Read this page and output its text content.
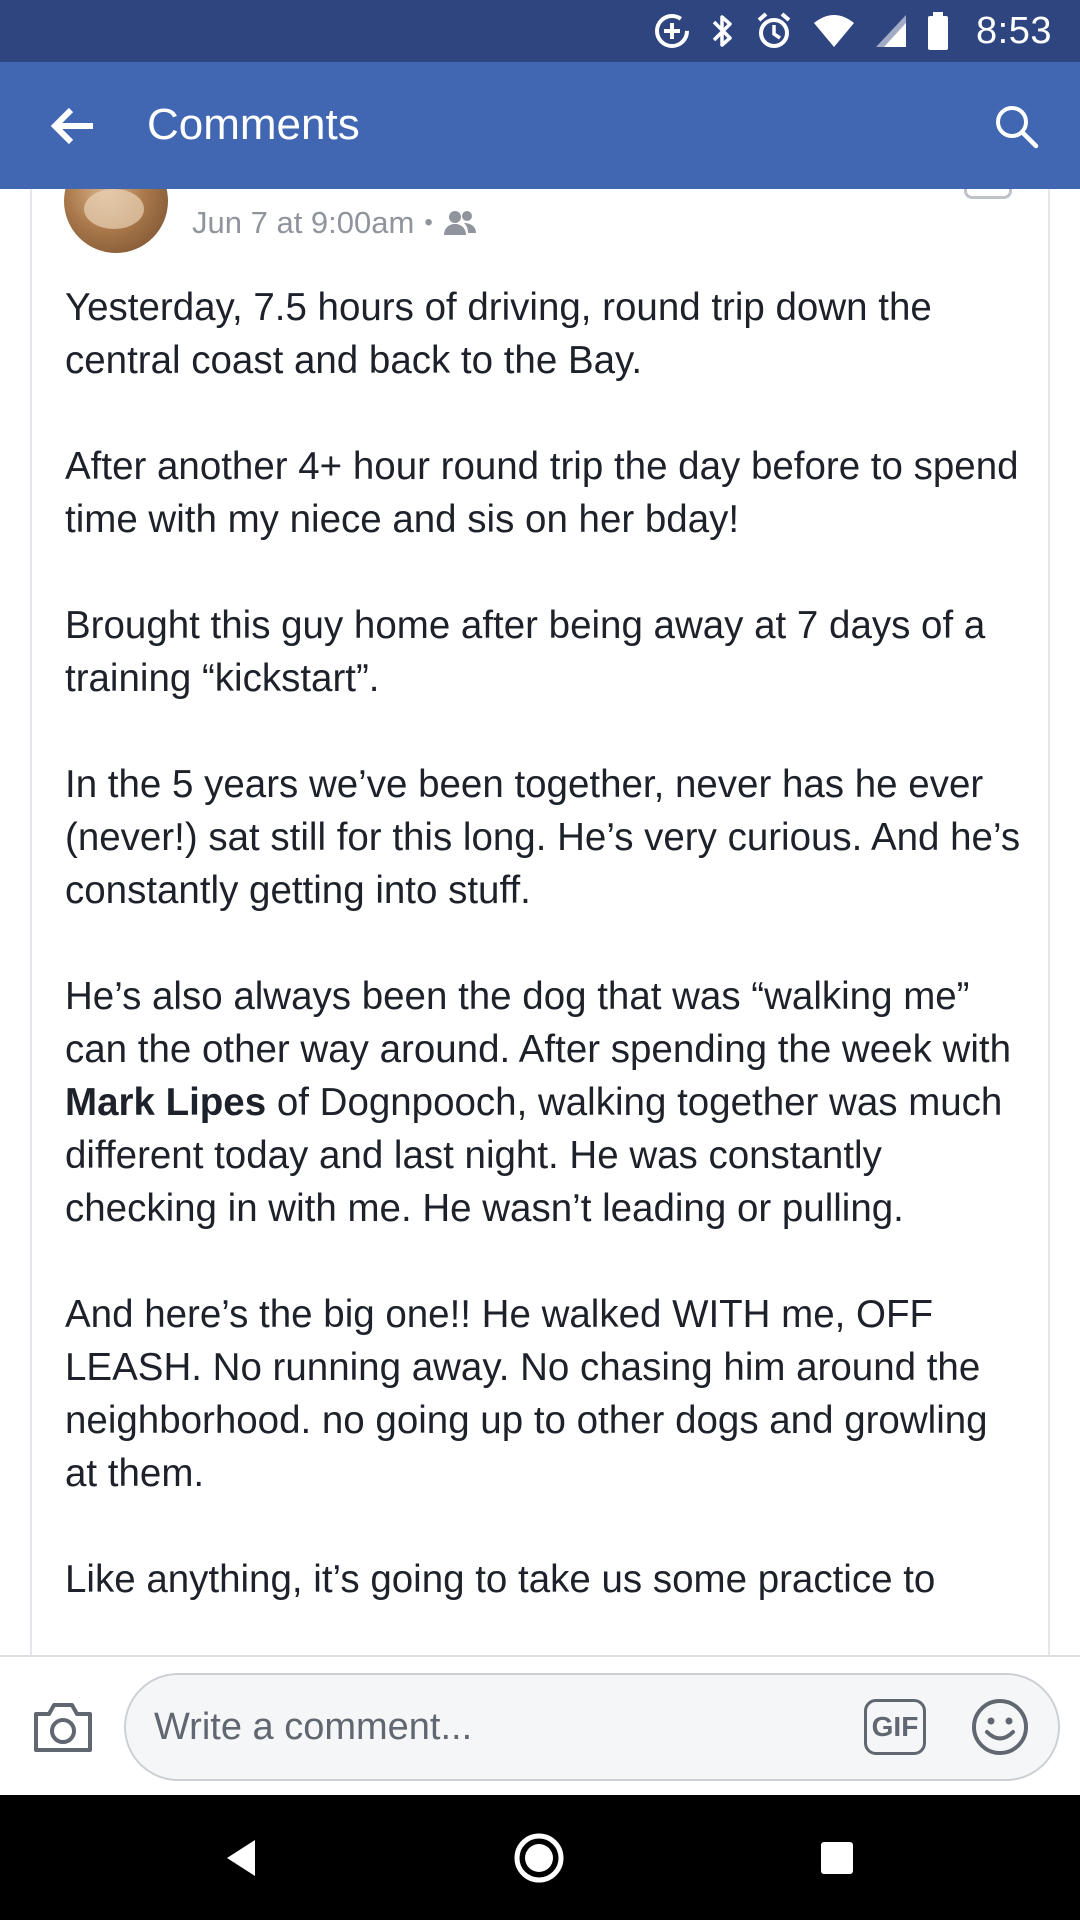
8:53
Comments
Jun 7 at 9:00am •

Yesterday, 7.5 hours of driving, round trip down the central coast and back to the Bay.

After another 4+ hour round trip the day before to spend time with my niece and sis on her bday!

Brought this guy home after being away at 7 days of a training “kickstart”.

In the 5 years we’ve been together, never has he ever (never!) sat still for this long. He’s very curious. And he’s constantly getting into stuff.

He’s also always been the dog that was “walking me” can the other way around. After spending the week with Mark Lipes of Dognpooch, walking together was much different today and last night. He was constantly checking in with me. He wasn’t leading or pulling.

And here’s the big one!! He walked WITH me, OFF LEASH. No running away. No chasing him around the neighborhood. no going up to other dogs and growling at them.

Like anything, it’s going to take us some practice to

Write a comment...
GIF
